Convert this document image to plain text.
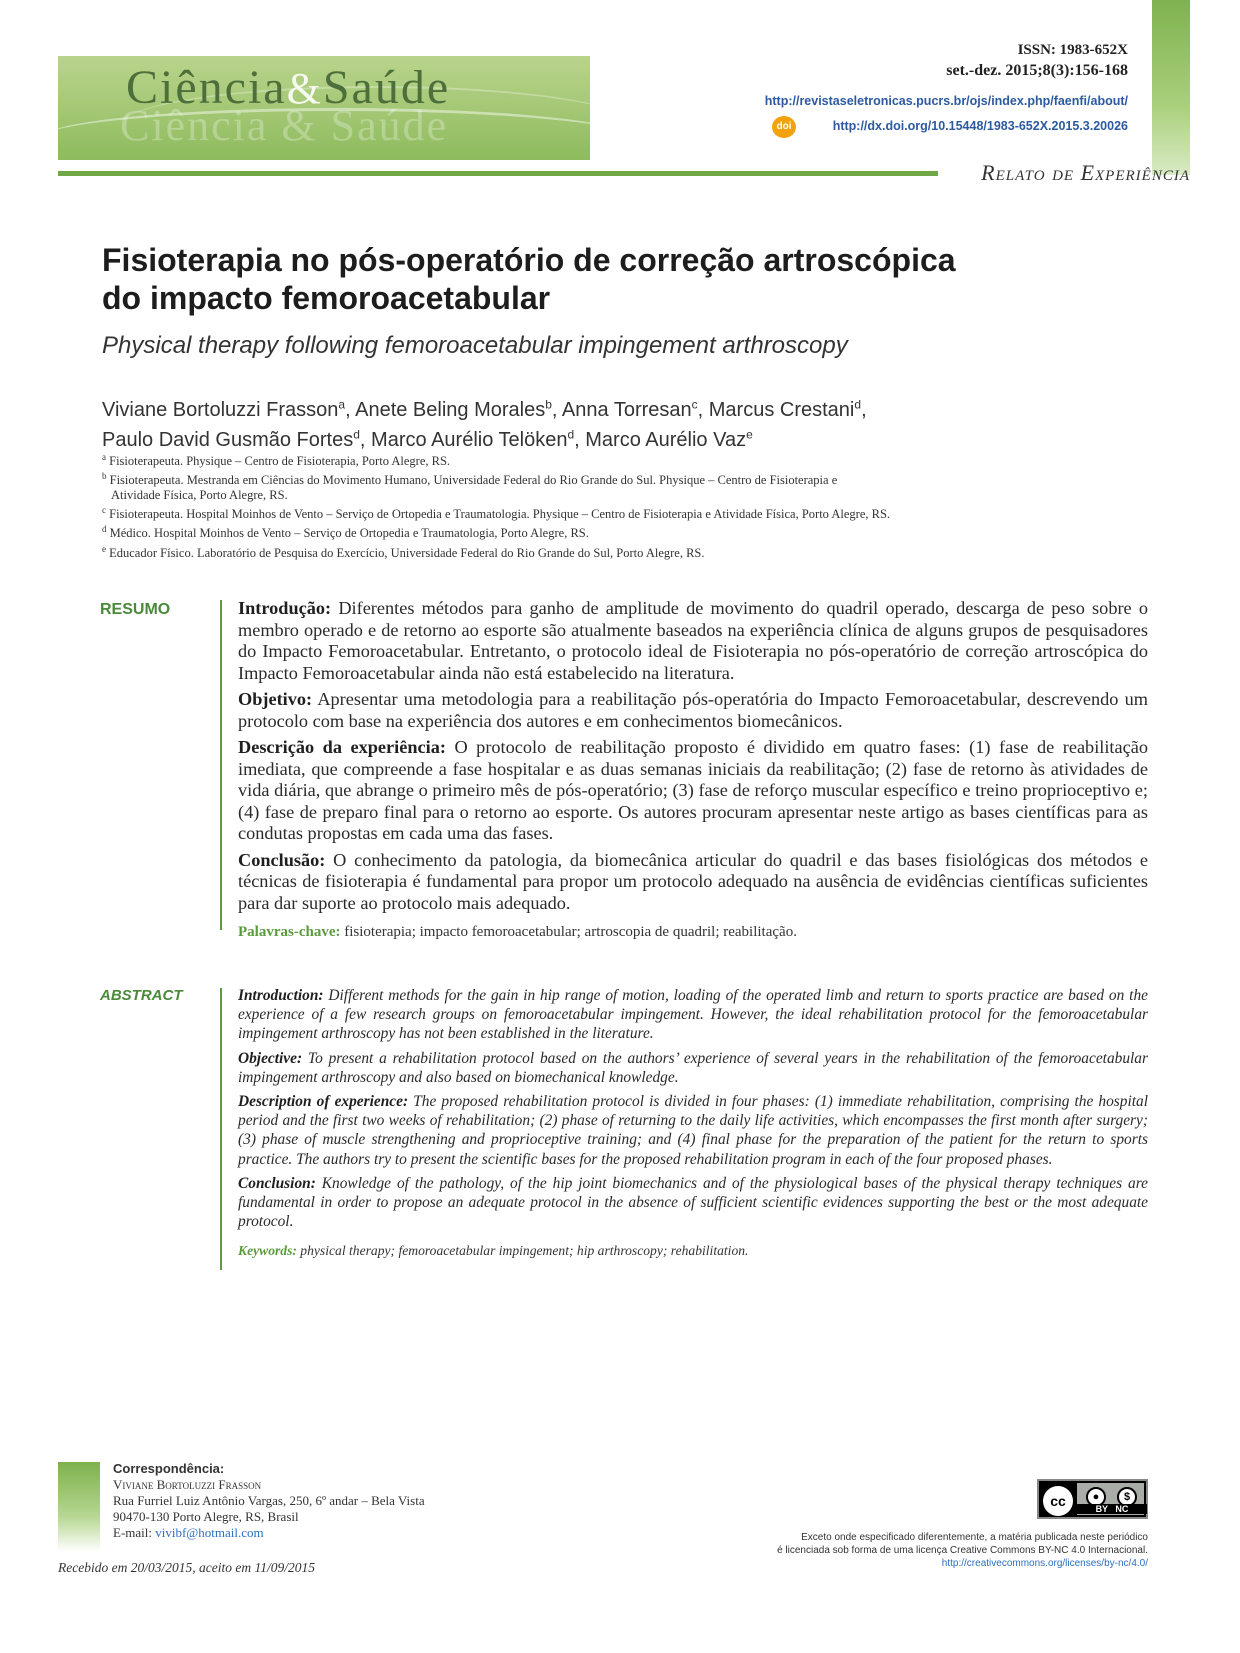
Ciência & Saúde
Ciência&Saúde
ISSN: 1983-652X
set.-dez. 2015;8(3):156-168
http://revistaseletronicas.pucrs.br/ojs/index.php/faenfi/about/
doi	http://dx.doi.org/10.15448/1983-652X.2015.3.20026
Relato de Experiência
Fisioterapia no pós-operatório de correção artroscópica
do impacto femoroacetabular
Physical therapy following femoroacetabular impingement arthroscopy
Viviane Bortoluzzi Frasson$^a$, Anete Beling Morales$^b$, Anna Torresan$^c$, Marcus Crestani$^d$,
Paulo David Gusmão Fortes$^d$, Marco Aurélio Telöken$^d$, Marco Aurélio Vaz$^e$
$^a$ Fisioterapeuta. Physique – Centro de Fisioterapia, Porto Alegre, RS.
$^b$ Fisioterapeuta. Mestranda em Ciências do Movimento Humano, Universidade Federal do Rio Grande do Sul. Physique – Centro de Fisioterapia e
Atividade Física, Porto Alegre, RS.
$^c$ Fisioterapeuta. Hospital Moinhos de Vento – Serviço de Ortopedia e Traumatologia. Physique – Centro de Fisioterapia e Atividade Física, Porto Alegre, RS.
$^d$ Médico. Hospital Moinhos de Vento – Serviço de Ortopedia e Traumatologia, Porto Alegre, RS.
$^e$ Educador Físico. Laboratório de Pesquisa do Exercício, Universidade Federal do Rio Grande do Sul, Porto Alegre, RS.
RESUMO	Introdução: Diferentes métodos para ganho de amplitude de movimento do quadril operado, descarga de peso sobre o membro operado e de retorno ao esporte são atualmente baseados na experiência clínica de alguns grupos de pesquisadores do Impacto Femoroacetabular. Entretanto, o protocolo ideal de Fisioterapia no pós-operatório de correção artroscópica do Impacto Femoroacetabular ainda não está estabelecido na literatura.

Objetivo: Apresentar uma metodologia para a reabilitação pós-operatória do Impacto Femoroacetabular, descrevendo um protocolo com base na experiência dos autores e em conhecimentos biomecânicos.

Descrição da experiência: O protocolo de reabilitação proposto é dividido em quatro fases: (1) fase de reabilitação imediata, que compreende a fase hospitalar e as duas semanas iniciais da reabilitação; (2) fase de retorno às atividades de vida diária, que abrange o primeiro mês de pós-operatório; (3) fase de reforço muscular específico e treino proprioceptivo e; (4) fase de preparo final para o retorno ao esporte. Os autores procuram apresentar neste artigo as bases científicas para as condutas propostas em cada uma das fases.

Conclusão: O conhecimento da patologia, da biomecânica articular do quadril e das bases fisiológicas dos métodos e técnicas de fisioterapia é fundamental para propor um protocolo adequado na ausência de evidências científicas suficientes para dar suporte ao protocolo mais adequado.

Palavras-chave: fisioterapia; impacto femoroacetabular; artroscopia de quadril; reabilitação.

ABSTRACT	Introduction: Different methods for the gain in hip range of motion, loading of the operated limb and return to sports practice are based on the experience of a few research groups on femoroacetabular impingement. However, the ideal rehabilitation protocol for the femoroacetabular impingement arthroscopy has not been established in the literature.

Objective: To present a rehabilitation protocol based on the authors’ experience of several years in the rehabilitation of the femoroacetabular impingement arthroscopy and also based on biomechanical knowledge.

Description of experience: The proposed rehabilitation protocol is divided in four phases: (1) immediate rehabilitation, comprising the hospital period and the first two weeks of rehabilitation; (2) phase of returning to the daily life activities, which encompasses the first month after surgery; (3) phase of muscle strengthening and proprioceptive training; and (4) final phase for the preparation of the patient for the return to sports practice. The authors try to present the scientific bases for the proposed rehabilitation program in each of the four proposed phases.

Conclusion: Knowledge of the pathology, of the hip joint biomechanics and of the physiological bases of the physical therapy techniques are fundamental in order to propose an adequate protocol in the absence of sufficient scientific evidences supporting the best or the most adequate protocol.

Keywords: physical therapy; femoroacetabular impingement; hip arthroscopy; rehabilitation.

Correspondência:
Viviane Bortoluzzi Frasson
Rua Furriel Luiz Antônio Vargas, 250, 6º andar – Bela Vista
90470-130 Porto Alegre, RS, Brasil
E-mail: vivibf@hotmail.com
Recebido em 20/03/2015, aceito em 11/09/2015
cc	●	$
BY NC
Exceto onde especificado diferentemente, a matéria publicada neste periódico
é licenciada sob forma de uma licença Creative Commons BY-NC 4.0 Internacional.
http://creativecommons.org/licenses/by-nc/4.0/
